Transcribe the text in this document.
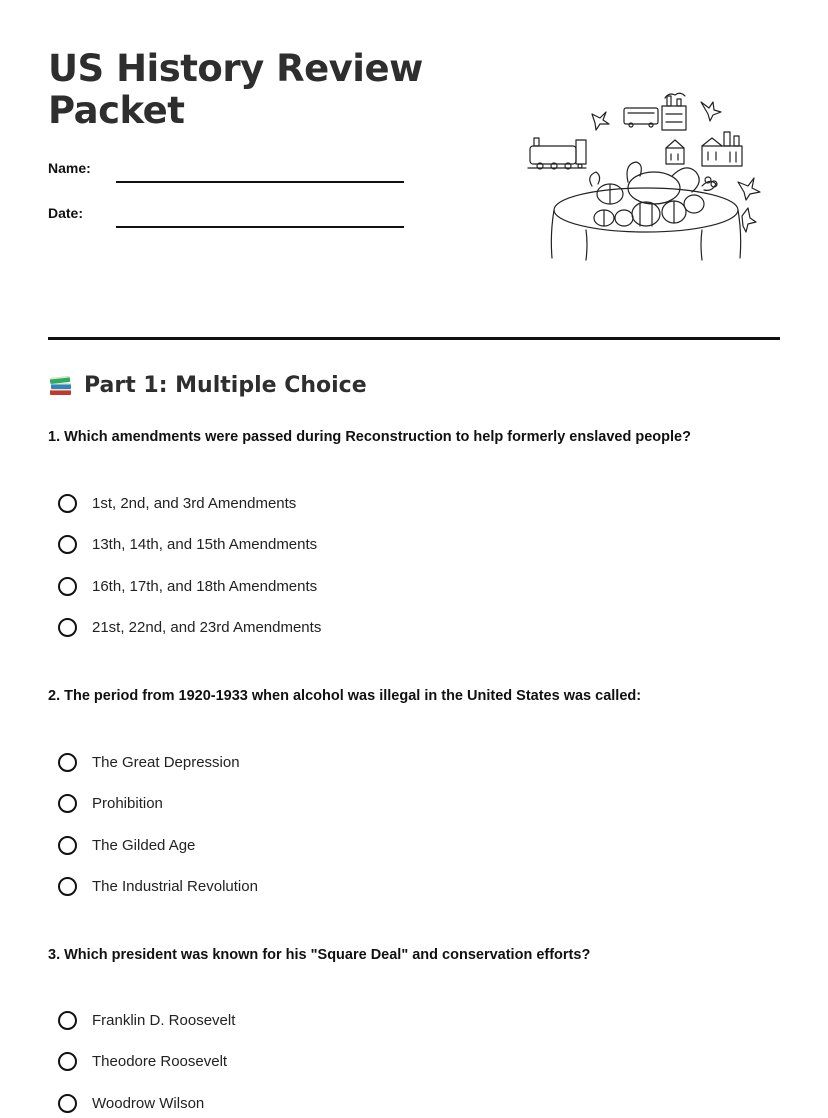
US History Review
Packet
Name:
Date:
Part 1: Multiple Choice
1. Which amendments were passed during Reconstruction to help formerly enslaved people?
1st, 2nd, and 3rd Amendments
13th, 14th, and 15th Amendments
16th, 17th, and 18th Amendments
21st, 22nd, and 23rd Amendments
2. The period from 1920-1933 when alcohol was illegal in the United States was called:
The Great Depression
Prohibition
The Gilded Age
The Industrial Revolution
3. Which president was known for his "Square Deal" and conservation efforts?
Franklin D. Roosevelt
Theodore Roosevelt
Woodrow Wilson
